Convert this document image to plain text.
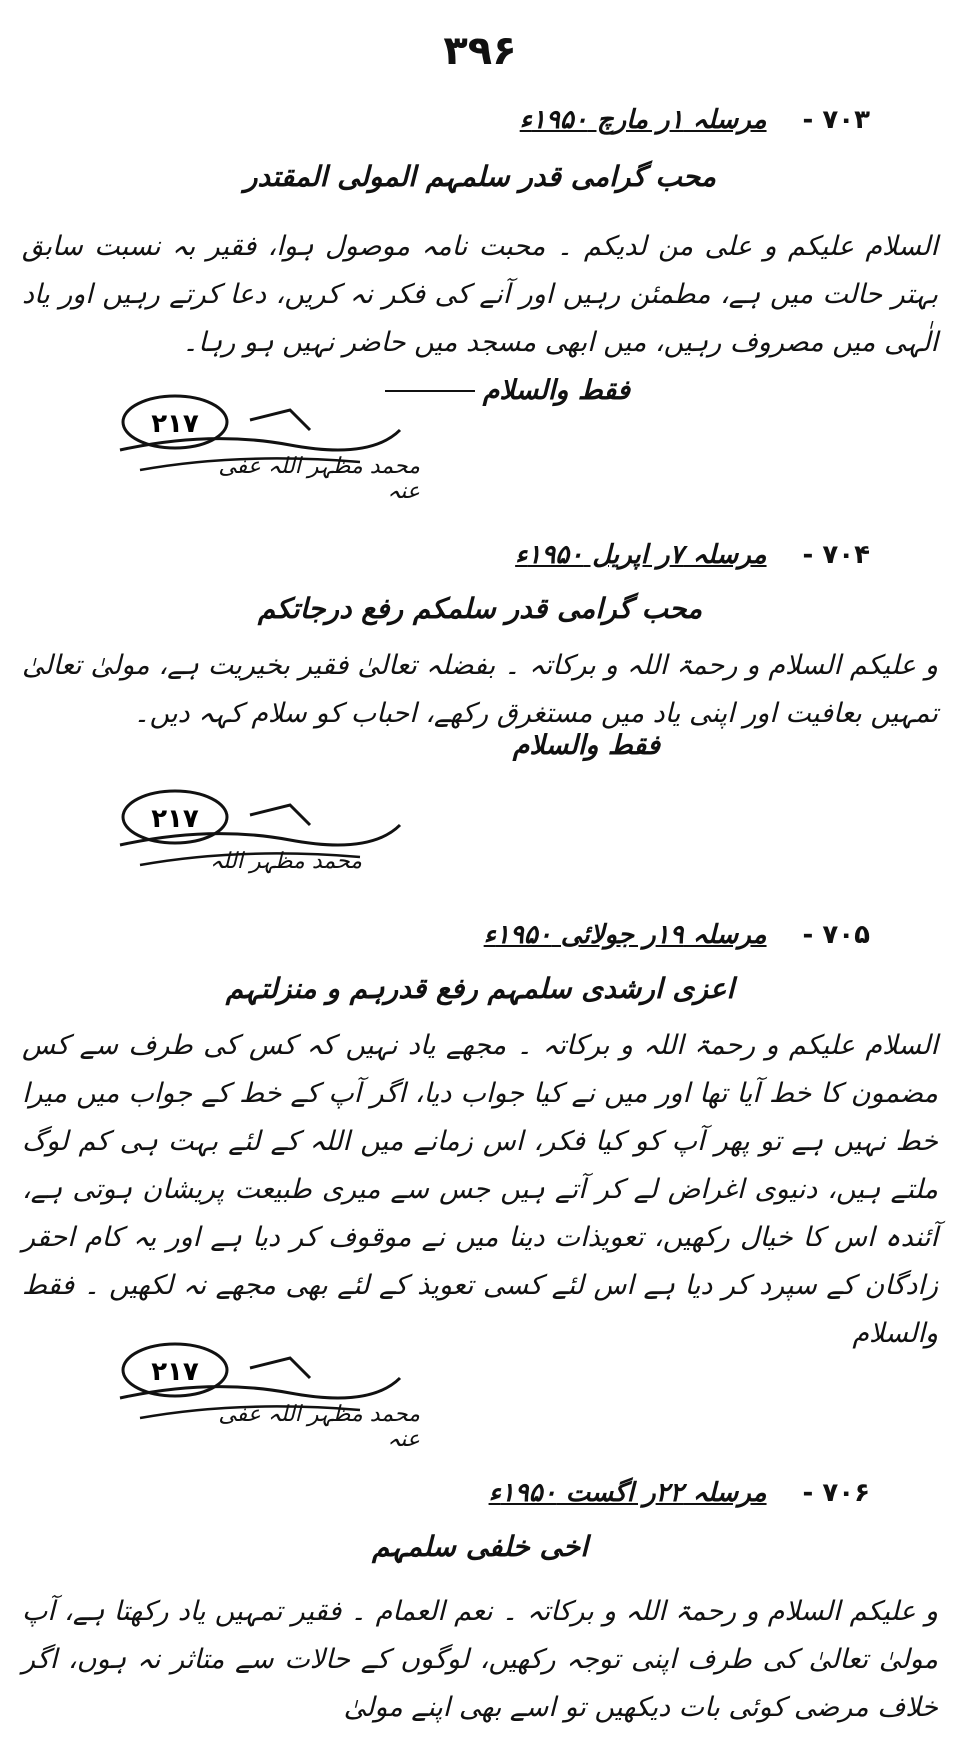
۳۹۶
۷۰۳ -
مرسلہ ۱ر مارچ ۱۹۵۰ء
محب گرامی قدر سلمہم المولی المقتدر
السلام علیکم و علی من لدیکم ۔ محبت نامہ موصول ہوا، فقیر بہ نسبت سابق بہتر حالت میں ہے، مطمئن رہیں اور آنے کی فکر نہ کریں، دعا کرتے رہیں اور یاد الٰہی میں مصروف رہیں، میں ابھی مسجد میں حاضر نہیں ہو رہا۔
فقط والسلام
۲۱۷
محمد مظہر اللہ عفی عنہ
۷۰۴ -
مرسلہ ۷ر اپریل ۱۹۵۰ء
محب گرامی قدر سلمکم رفع درجاتکم
و علیکم السلام و رحمۃ اللہ و برکاتہ ۔ بفضلہ تعالیٰ فقیر بخیریت ہے، مولیٰ تعالیٰ تمہیں بعافیت اور اپنی یاد میں مستغرق رکھے، احباب کو سلام کہہ دیں۔
فقط والسلام
۲۱۷
محمد مظہر اللہ
۷۰۵ -
مرسلہ ۱۹ر جولائی ۱۹۵۰ء
اعزی ارشدی سلمہم رفع قدرہم و منزلتہم
السلام علیکم و رحمۃ اللہ و برکاتہ ۔ مجھے یاد نہیں کہ کس کی طرف سے کس مضمون کا خط آیا تھا اور میں نے کیا جواب دیا، اگر آپ کے خط کے جواب میں میرا خط نہیں ہے تو پھر آپ کو کیا فکر، اس زمانے میں اللہ کے لئے بہت ہی کم لوگ ملتے ہیں، دنیوی اغراض لے کر آتے ہیں جس سے میری طبیعت پریشان ہوتی ہے، آئندہ اس کا خیال رکھیں، تعویذات دینا میں نے موقوف کر دیا ہے اور یہ کام احقر زادگان کے سپرد کر دیا ہے اس لئے کسی تعویذ کے لئے بھی مجھے نہ لکھیں ۔ فقط والسلام
۲۱۷
محمد مظہر اللہ عفی عنہ
۷۰۶ -
مرسلہ ۲۲ر اگست ۱۹۵۰ء
اخی خلفی سلمہم
و علیکم السلام و رحمۃ اللہ و برکاتہ ۔ نعم العمام ۔ فقیر تمہیں یاد رکھتا ہے، آپ مولیٰ تعالیٰ کی طرف اپنی توجہ رکھیں، لوگوں کے حالات سے متاثر نہ ہوں، اگر خلاف مرضی کوئی بات دیکھیں تو اسے بھی اپنے مولیٰ
